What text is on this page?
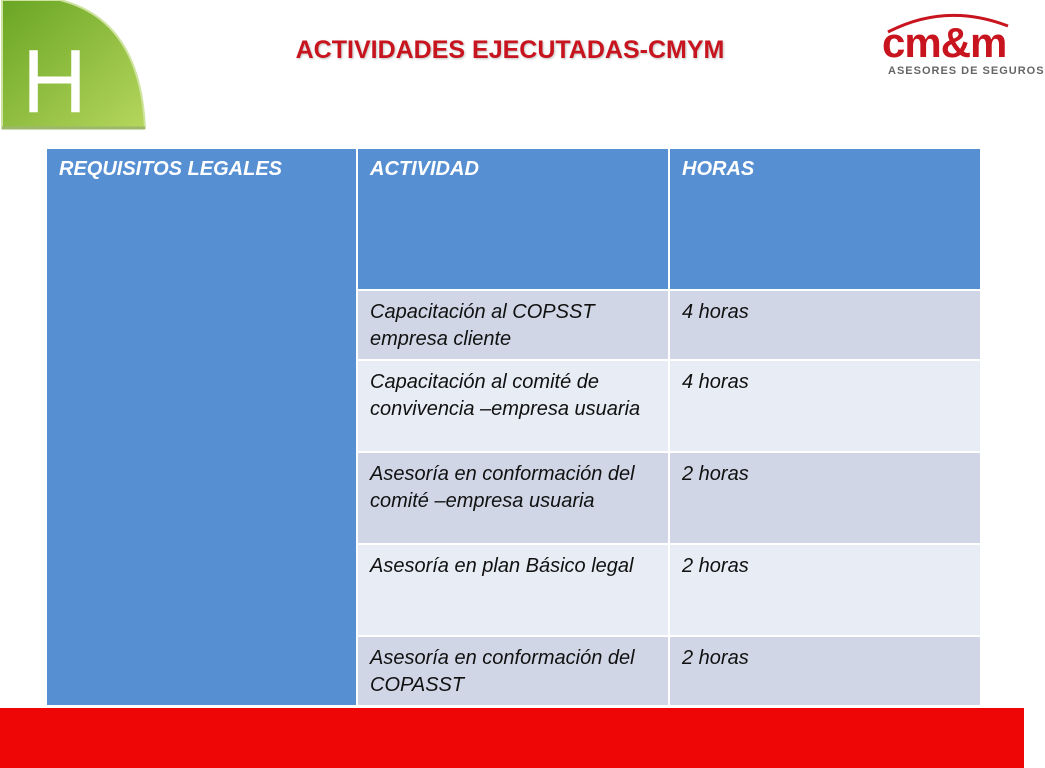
H	ACTIVIDADES EJECUTADAS-CMYM	cm&m
ASESORES DE SEGUROS
REQUISITOS LEGALES	ACTIVIDAD	HORAS
	Capacitación al COPSST empresa cliente	4 horas
	Capacitación al comité de convivencia –empresa usuaria	4 horas
	Asesoría en conformación del comité –empresa usuaria	2 horas
	Asesoría en plan Básico legal	2 horas
	Asesoría en conformación del COPASST	2 horas
